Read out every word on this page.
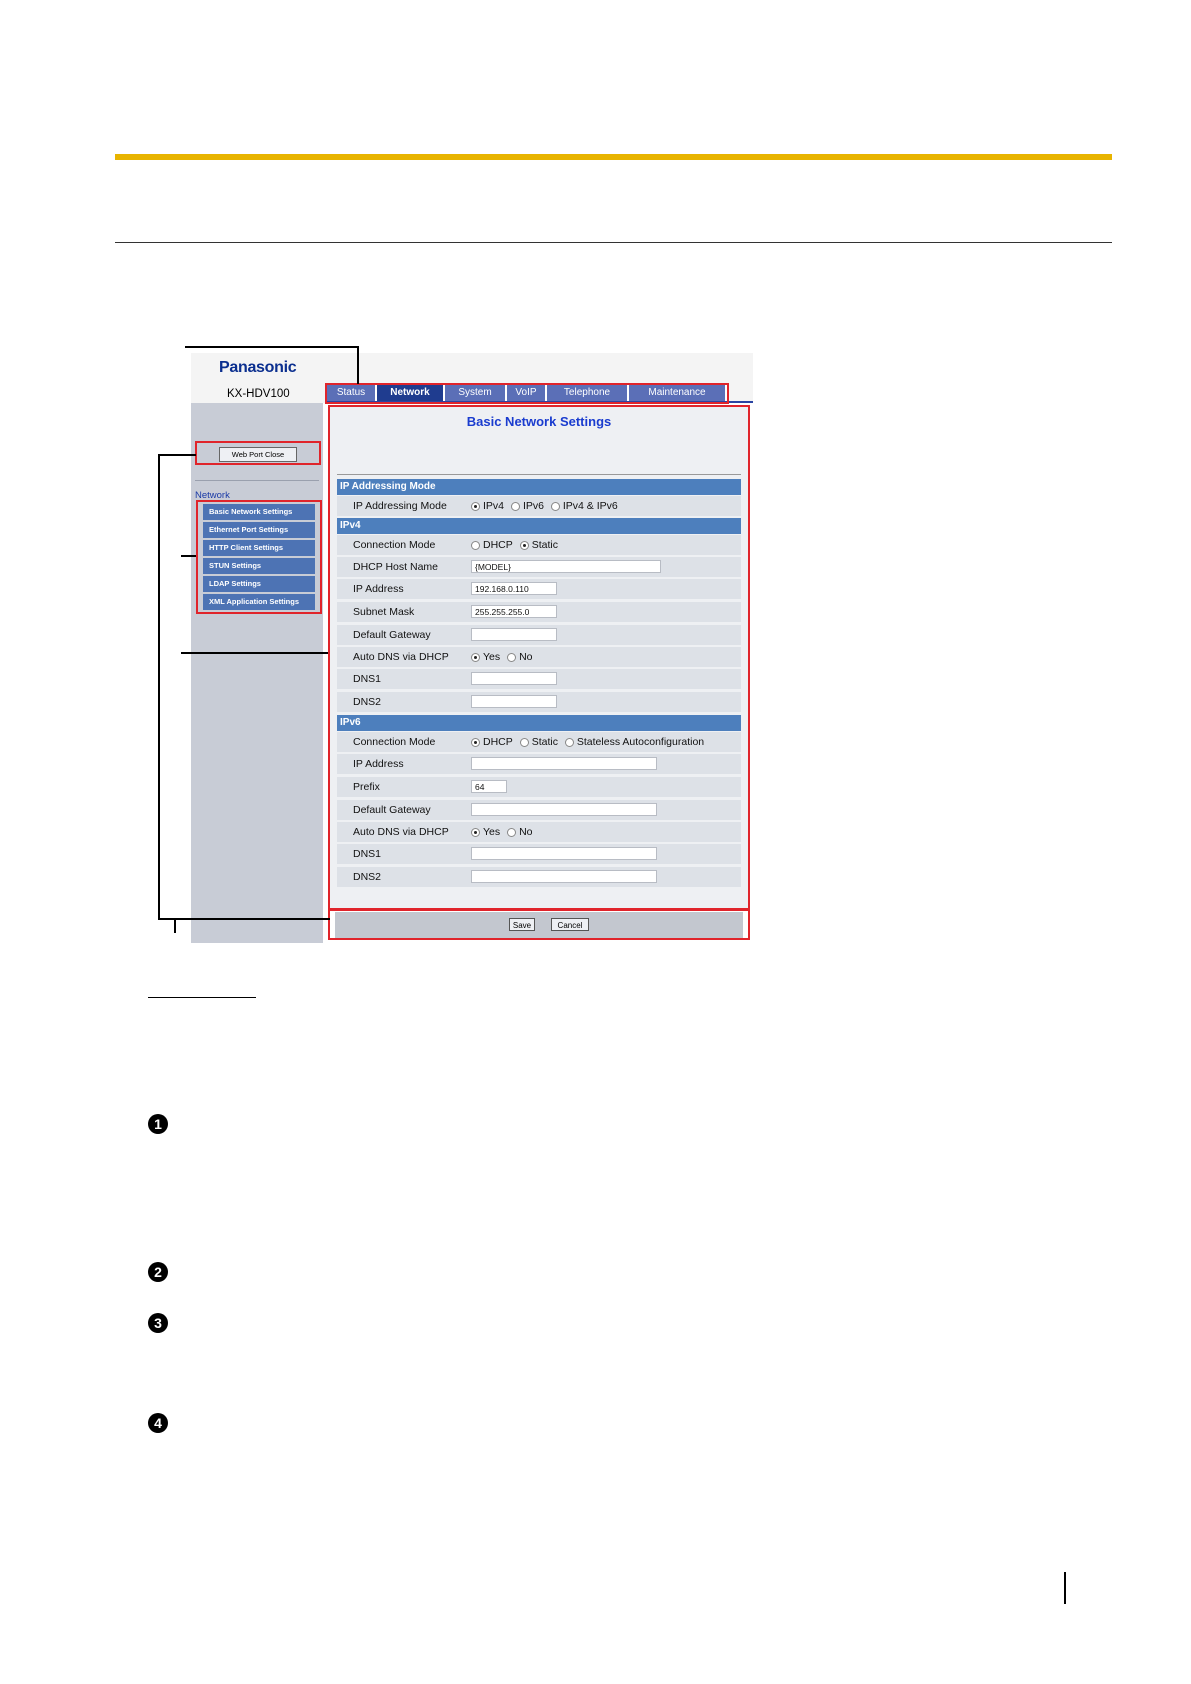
Panasonic
KX-HDV100	Status	Network	System	VoIP	Telephone	Maintenance
Web Port Close
Network
Basic Network Settings
Ethernet Port Settings
HTTP Client Settings
STUN Settings
LDAP Settings
XML Application Settings
Basic Network Settings
IP Addressing Mode
IP Addressing Mode	IPv4 IPv6 IPv4 & IPv6
IPv4
Connection Mode	DHCP Static
DHCP Host Name	{MODEL}
IP Address	192.168.0.110
Subnet Mask	255.255.255.0
Default Gateway
Auto DNS via DHCP	Yes No
DNS1
DNS2
IPv6
Connection Mode	DHCP Static Stateless Autoconfiguration
IP Address
Prefix	64
Default Gateway
Auto DNS via DHCP	Yes No
DNS1
DNS2
Save	Cancel
1
2
3
4
